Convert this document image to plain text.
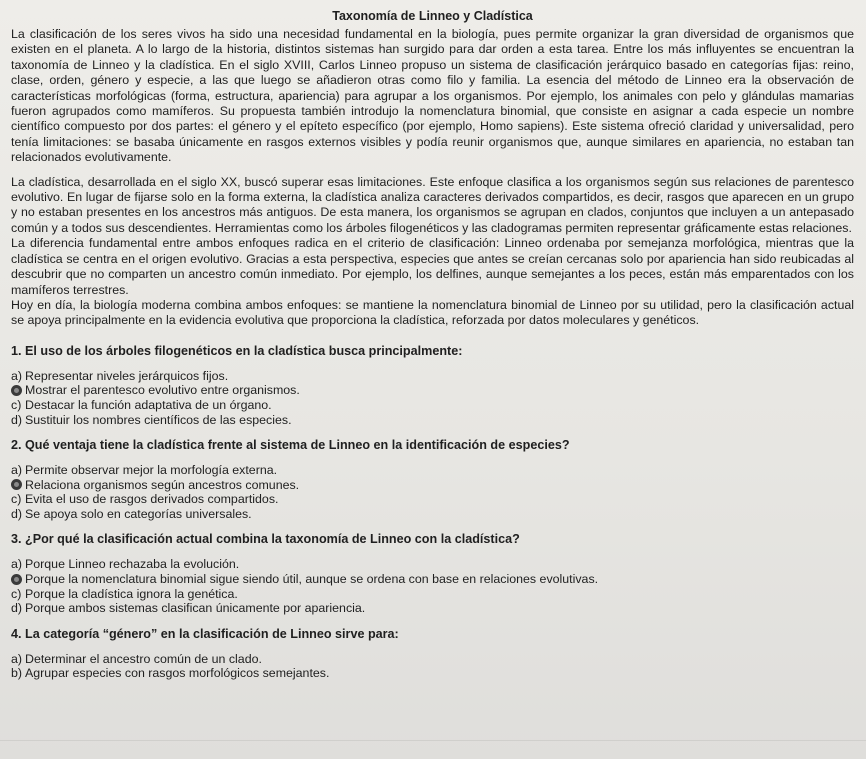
Taxonomía de Linneo y Cladística

La clasificación de los seres vivos ha sido una necesidad fundamental en la biología, pues permite organizar la gran diversidad de organismos que existen en el planeta. A lo largo de la historia, distintos sistemas han surgido para dar orden a esta tarea. Entre los más influyentes se encuentran la taxonomía de Linneo y la cladística. En el siglo XVIII, Carlos Linneo propuso un sistema de clasificación jerárquico basado en categorías fijas: reino, clase, orden, género y especie, a las que luego se añadieron otras como filo y familia. La esencia del método de Linneo era la observación de características morfológicas (forma, estructura, apariencia) para agrupar a los organismos. Por ejemplo, los animales con pelo y glándulas mamarias fueron agrupados como mamíferos. Su propuesta también introdujo la nomenclatura binomial, que consiste en asignar a cada especie un nombre científico compuesto por dos partes: el género y el epíteto específico (por ejemplo, Homo sapiens). Este sistema ofreció claridad y universalidad, pero tenía limitaciones: se basaba únicamente en rasgos externos visibles y podía reunir organismos que, aunque similares en apariencia, no estaban tan relacionados evolutivamente.

La cladística, desarrollada en el siglo XX, buscó superar esas limitaciones. Este enfoque clasifica a los organismos según sus relaciones de parentesco evolutivo. En lugar de fijarse solo en la forma externa, la cladística analiza caracteres derivados compartidos, es decir, rasgos que aparecen en un grupo y no estaban presentes en los ancestros más antiguos. De esta manera, los organismos se agrupan en clados, conjuntos que incluyen a un antepasado común y a todos sus descendientes. Herramientas como los árboles filogenéticos y las cladogramas permiten representar gráficamente estas relaciones.

La diferencia fundamental entre ambos enfoques radica en el criterio de clasificación: Linneo ordenaba por semejanza morfológica, mientras que la cladística se centra en el origen evolutivo. Gracias a esta perspectiva, especies que antes se creían cercanas solo por apariencia han sido reubicadas al descubrir que no comparten un ancestro común inmediato. Por ejemplo, los delfines, aunque semejantes a los peces, están más emparentados con los mamíferos terrestres.

Hoy en día, la biología moderna combina ambos enfoques: se mantiene la nomenclatura binomial de Linneo por su utilidad, pero la clasificación actual se apoya principalmente en la evidencia evolutiva que proporciona la cladística, reforzada por datos moleculares y genéticos.

1. El uso de los árboles filogenéticos en la cladística busca principalmente:
a) Representar niveles jerárquicos fijos.
Mostrar el parentesco evolutivo entre organismos.
c) Destacar la función adaptativa de un órgano.
d) Sustituir los nombres científicos de las especies.
2. Qué ventaja tiene la cladística frente al sistema de Linneo en la identificación de especies?
a) Permite observar mejor la morfología externa.
Relaciona organismos según ancestros comunes.
c) Evita el uso de rasgos derivados compartidos.
d) Se apoya solo en categorías universales.
3. ¿Por qué la clasificación actual combina la taxonomía de Linneo con la cladística?
a) Porque Linneo rechazaba la evolución.
Porque la nomenclatura binomial sigue siendo útil, aunque se ordena con base en relaciones evolutivas.
c) Porque la cladística ignora la genética.
d) Porque ambos sistemas clasifican únicamente por apariencia.
4. La categoría “género” en la clasificación de Linneo sirve para:
a) Determinar el ancestro común de un clado.
b) Agrupar especies con rasgos morfológicos semejantes.
